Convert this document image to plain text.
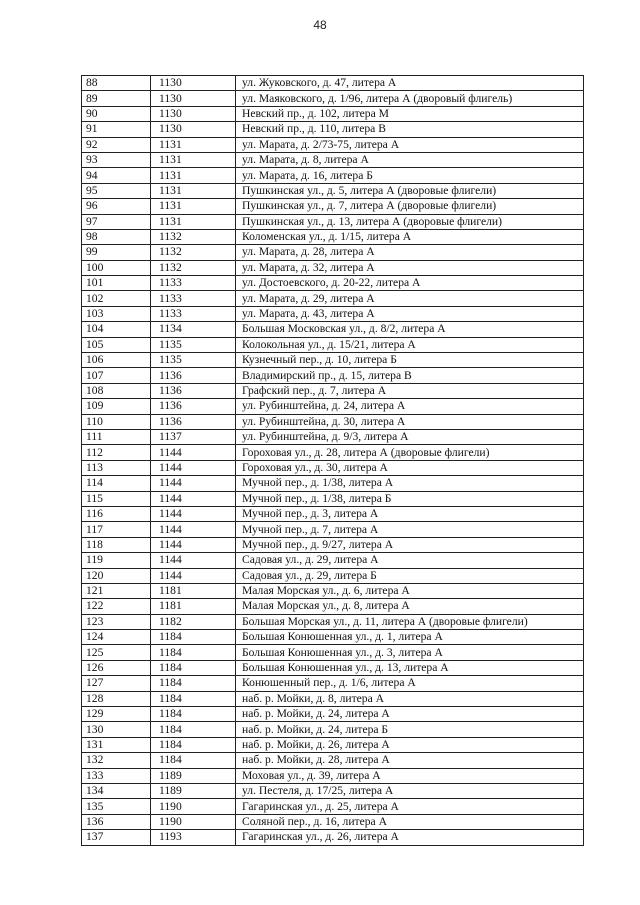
48
88	1130	ул. Жуковского, д. 47, литера А
89	1130	ул. Маяковского, д. 1/96, литера А (дворовый флигель)
90	1130	Невский пр., д. 102, литера М
91	1130	Невский пр., д. 110, литера В
92	1131	ул. Марата, д. 2/73-75, литера А
93	1131	ул. Марата, д. 8, литера А
94	1131	ул. Марата, д. 16, литера Б
95	1131	Пушкинская ул., д. 5, литера А (дворовые флигели)
96	1131	Пушкинская ул., д. 7, литера А (дворовые флигели)
97	1131	Пушкинская ул., д. 13, литера А (дворовые флигели)
98	1132	Коломенская ул., д. 1/15, литера А
99	1132	ул. Марата, д. 28, литера А
100	1132	ул. Марата, д. 32, литера А
101	1133	ул. Достоевского, д. 20-22, литера А
102	1133	ул. Марата, д. 29, литера А
103	1133	ул. Марата, д. 43, литера А
104	1134	Большая Московская ул., д. 8/2, литера А
105	1135	Колокольная ул., д. 15/21, литера А
106	1135	Кузнечный пер., д. 10, литера Б
107	1136	Владимирский пр., д. 15, литера В
108	1136	Графский пер., д. 7, литера А
109	1136	ул. Рубинштейна, д. 24, литера А
110	1136	ул. Рубинштейна, д. 30, литера А
111	1137	ул. Рубинштейна, д. 9/3, литера А
112	1144	Гороховая ул., д. 28, литера А (дворовые флигели)
113	1144	Гороховая ул., д. 30, литера А
114	1144	Мучной пер., д. 1/38, литера А
115	1144	Мучной пер., д. 1/38, литера Б
116	1144	Мучной пер., д. 3, литера А
117	1144	Мучной пер., д. 7, литера А
118	1144	Мучной пер., д. 9/27, литера А
119	1144	Садовая ул., д. 29, литера А
120	1144	Садовая ул., д. 29, литера Б
121	1181	Малая Морская ул., д. 6, литера А
122	1181	Малая Морская ул., д. 8, литера А
123	1182	Большая Морская ул., д. 11, литера А (дворовые флигели)
124	1184	Большая Конюшенная ул., д. 1, литера А
125	1184	Большая Конюшенная ул., д. 3, литера А
126	1184	Большая Конюшенная ул., д. 13, литера А
127	1184	Конюшенный пер., д. 1/6, литера А
128	1184	наб. р. Мойки, д. 8, литера А
129	1184	наб. р. Мойки, д. 24, литера А
130	1184	наб. р. Мойки, д. 24, литера Б
131	1184	наб. р. Мойки, д. 26, литера А
132	1184	наб. р. Мойки, д. 28, литера А
133	1189	Моховая ул., д. 39, литера А
134	1189	ул. Пестеля, д. 17/25, литера А
135	1190	Гагаринская ул., д. 25, литера А
136	1190	Соляной пер., д. 16, литера А
137	1193	Гагаринская ул., д. 26, литера А
